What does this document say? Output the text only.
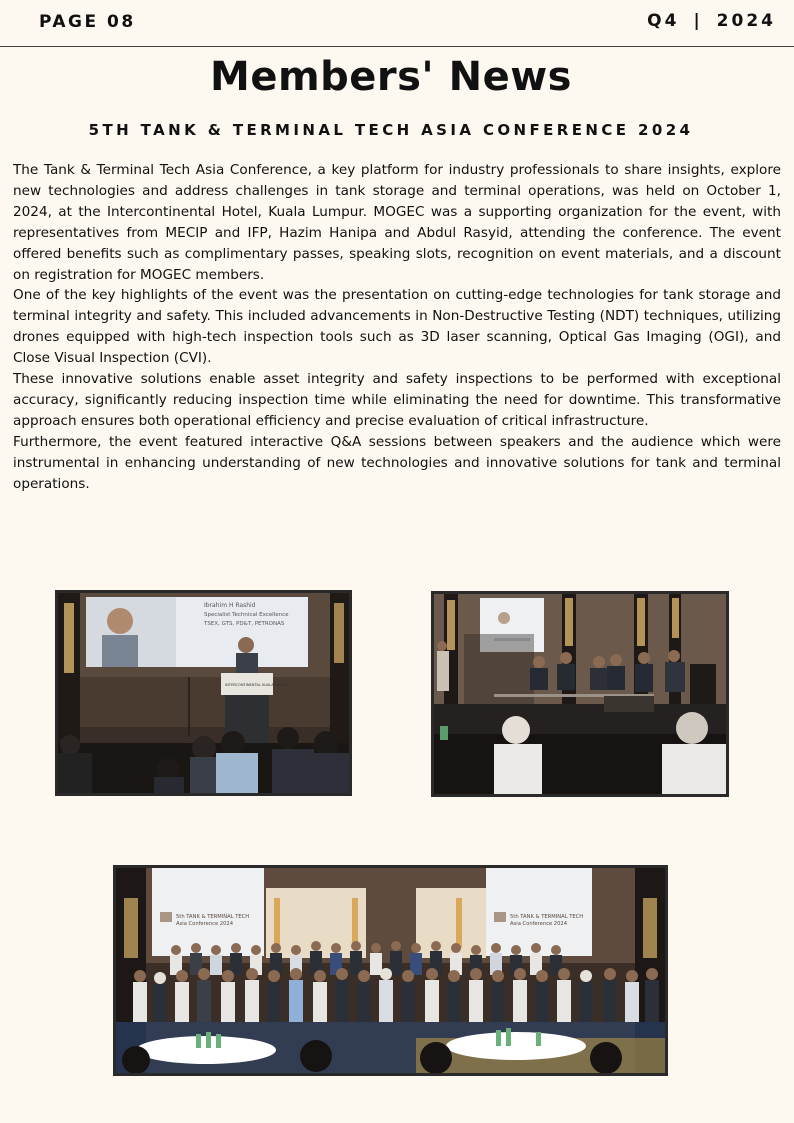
PAGE 08	Q4 | 2024
Members' News
5TH TANK & TERMINAL TECH ASIA CONFERENCE 2024

The Tank & Terminal Tech Asia Conference, a key platform for industry professionals to share insights, explore new technologies and address challenges in tank storage and terminal operations, was held on October 1, 2024, at the Intercontinental Hotel, Kuala Lumpur. MOGEC was a supporting organization for the event, with representatives from MECIP and IFP, Hazim Hanipa and Abdul Rasyid, attending the conference. The event offered benefits such as complimentary passes, speaking slots, recognition on event materials, and a discount on registration for MOGEC members.

One of the key highlights of the event was the presentation on cutting-edge technologies for tank storage and terminal integrity and safety. This included advancements in Non-Destructive Testing (NDT) techniques, utilizing drones equipped with high-tech inspection tools such as 3D laser scanning, Optical Gas Imaging (OGI), and Close Visual Inspection (CVI).

These innovative solutions enable asset integrity and safety inspections to be performed with exceptional accuracy, significantly reducing inspection time while eliminating the need for downtime. This transformative approach ensures both operational efficiency and precise evaluation of critical infrastructure.

Furthermore, the event featured interactive Q&A sessions between speakers and the audience which were instrumental in enhancing understanding of new technologies and innovative solutions for tank and terminal operations.

Ibrahim H Rashid
Specialist Technical Excellence
TSEX, GTS, PD&T, PETRONAS
INTERCONTINENTAL KUALA LUMPUR
5th TANK & TERMINAL TECH
Asia Conference 2024
5th TANK & TERMINAL TECH
Asia Conference 2024
